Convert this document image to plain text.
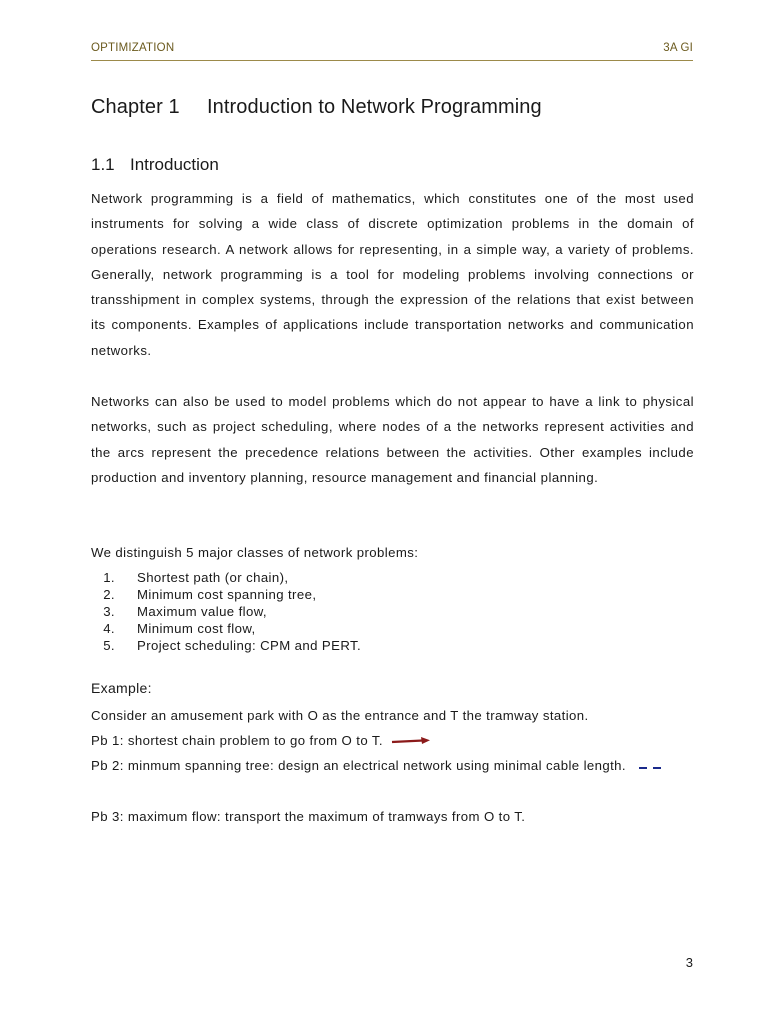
OPTIMIZATION	3A GI
Chapter 1 Introduction to Network Programming
1.1 Introduction

Network programming is a field of mathematics, which constitutes one of the most used instruments for solving a wide class of discrete optimization problems in the domain of operations research. A network allows for representing, in a simple way, a variety of problems. Generally, network programming is a tool for modeling problems involving connections or transshipment in complex systems, through the expression of the relations that exist between its components. Examples of applications include transportation networks and communication networks.

Networks can also be used to model problems which do not appear to have a link to physical networks, such as project scheduling, where nodes of a the networks represent activities and the arcs represent the precedence relations between the activities. Other examples include production and inventory planning, resource management and financial planning.

We distinguish 5 major classes of network problems:

1. Shortest path (or chain),
2. Minimum cost spanning tree,
3. Maximum value flow,
4. Minimum cost flow,
5. Project scheduling: CPM and PERT.
Example:
Consider an amusement park with O as the entrance and T the tramway station.
Pb 1: shortest chain problem to go from O to T.
Pb 2: minmum spanning tree: design an electrical network using minimal cable length.
Pb 3: maximum flow: transport the maximum of tramways from O to T.
3
